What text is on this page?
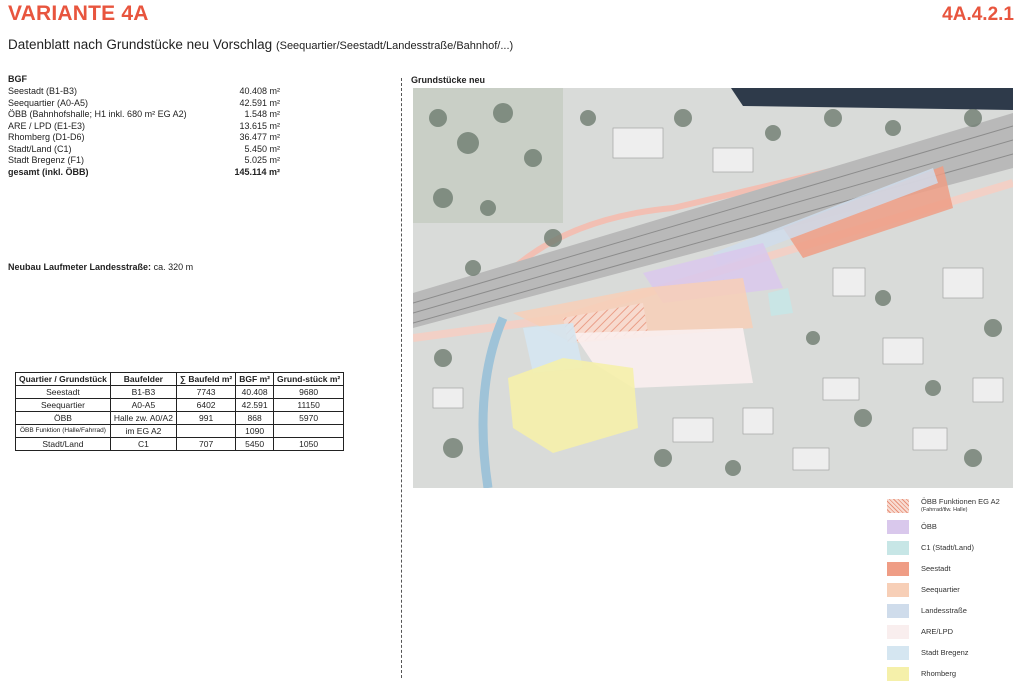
VARIANTE 4A	4A.4.2.1
Datenblatt nach Grundstücke neu Vorschlag (Seequartier/Seestadt/Landesstraße/Bahnhof/...)
BGF
Seestadt (B1-B3)	40.408 m²
Seequartier (A0-A5)	42.591 m²
ÖBB (Bahnhofshalle; H1 inkl. 680 m² EG A2)	1.548 m²
ARE / LPD (E1-E3)	13.615 m²
Rhomberg (D1-D6)	36.477 m²
Stadt/Land (C1)	5.450 m²
Stadt Bregenz (F1)	5.025 m²
gesamt (inkl. ÖBB)	145.114 m²
Neubau Laufmeter Landesstraße: ca. 320 m
Quartier / Grundstück	Baufelder	∑ Baufeld m²	BGF m²	Grund-stück m²
Seestadt	B1-B3	7743	40.408	9680
Seequartier	A0-A5	6402	42.591	11150
ÖBB	Halle zw. A0/A2	991	868	5970
ÖBB Funktion (Halle/Fahrrad)	im EG A2		1090	
Stadt/Land	C1	707	5450	1050
Grundstücke neu
ÖBB Funktionen EG A2
(Fahrrad/tlw. Halle)
ÖBB
C1 (Stadt/Land)
Seestadt
Seequartier
Landesstraße
ARE/LPD
Stadt Bregenz
Rhomberg
